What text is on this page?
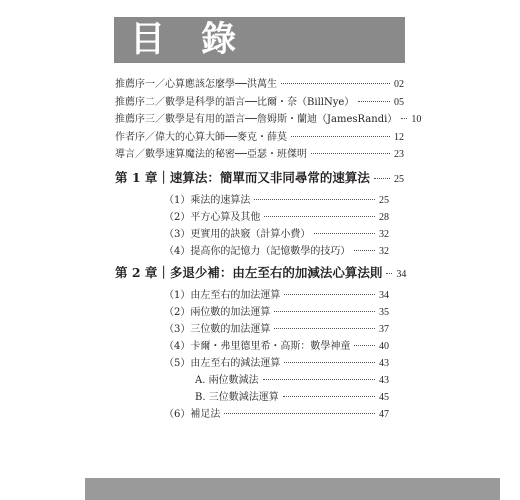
目 錄
推薦序一／心算應該怎麼學──洪萬生	02
推薦序二／數學是科學的語言──比爾・奈（BillNye）	05
推薦序三／數學是有用的語言──詹姆斯・蘭迪（JamesRandi） 10
作者序／偉大的心算大師──麥克・薛莫	12
導言／數學速算魔法的秘密──亞瑟・班傑明	23
第 1 章｜速算法：簡單而又非同尋常的速算法 25
（1）乘法的速算法	25
（2）平方心算及其他	28
（3）更實用的訣竅（計算小費）	32
（4）提高你的記憶力（記憶數學的技巧）	32
第 2 章｜多退少補：由左至右的加減法心算法則 34
（1）由左至右的加法運算	34
（2）兩位數的加法運算	35
（3）三位數的加法運算	37
（4）卡爾・弗里德里希・高斯：數學神童	40
（5）由左至右的減法運算	43
A. 兩位數減法	43
B. 三位數減法運算	45
（6）補足法	47
